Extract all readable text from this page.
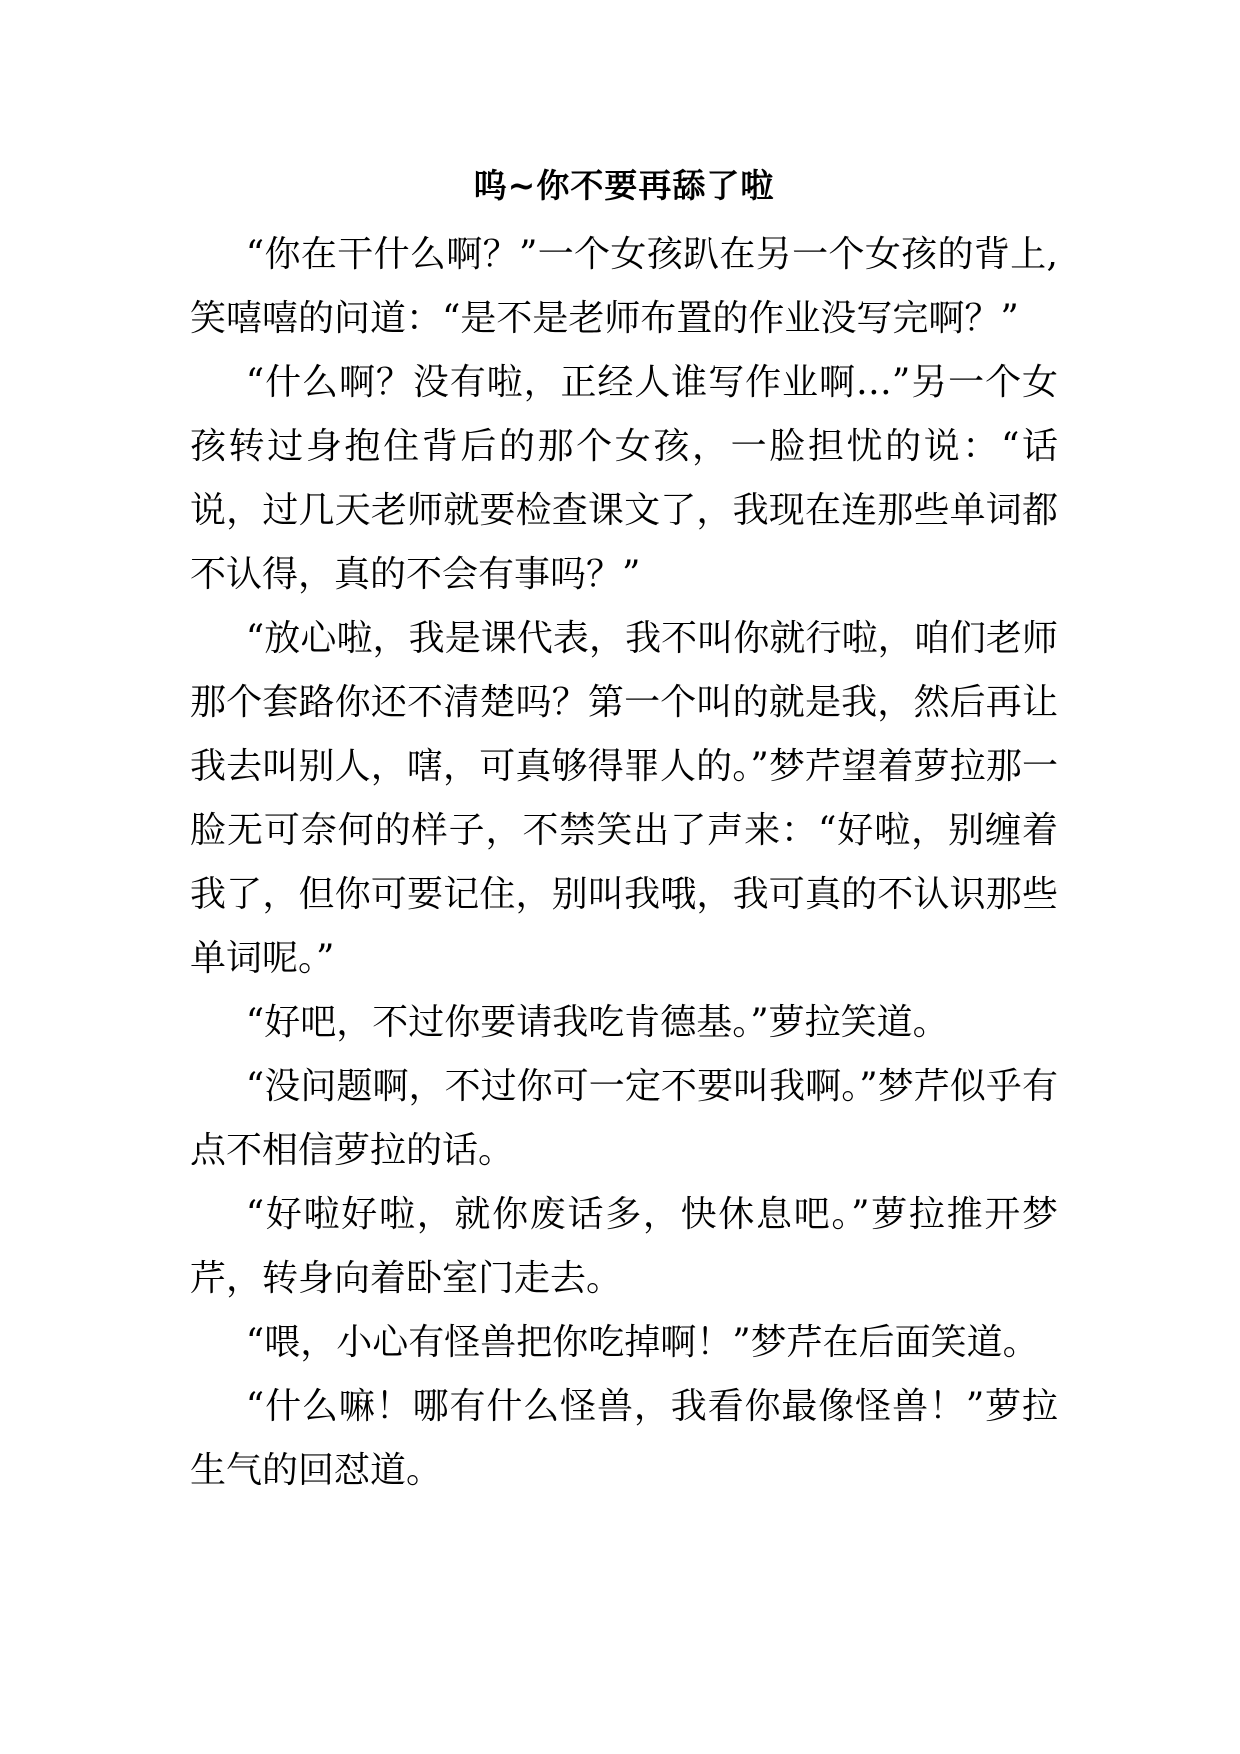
呜~你不要再舔了啦

“你在干什么啊？”一个女孩趴在另一个女孩的背上,笑嘻嘻的问道：“是不是老师布置的作业没写完啊？”

“什么啊？没有啦，正经人谁写作业啊…”另一个女孩转过身抱住背后的那个女孩，一脸担忧的说：“话说，过几天老师就要检查课文了，我现在连那些单词都不认得，真的不会有事吗？”

“放心啦，我是课代表，我不叫你就行啦，咱们老师那个套路你还不清楚吗？第一个叫的就是我，然后再让我去叫别人，嗐，可真够得罪人的。”梦芹望着萝拉那一脸无可奈何的样子，不禁笑出了声来：“好啦，别缠着我了，但你可要记住，别叫我哦，我可真的不认识那些单词呢。”

“好吧，不过你要请我吃肯德基。”萝拉笑道。

“没问题啊，不过你可一定不要叫我啊。”梦芹似乎有点不相信萝拉的话。

“好啦好啦，就你废话多，快休息吧。”萝拉推开梦芹，转身向着卧室门走去。

“喂，小心有怪兽把你吃掉啊！”梦芹在后面笑道。

“什么嘛！哪有什么怪兽，我看你最像怪兽！”萝拉生气的回怼道。
